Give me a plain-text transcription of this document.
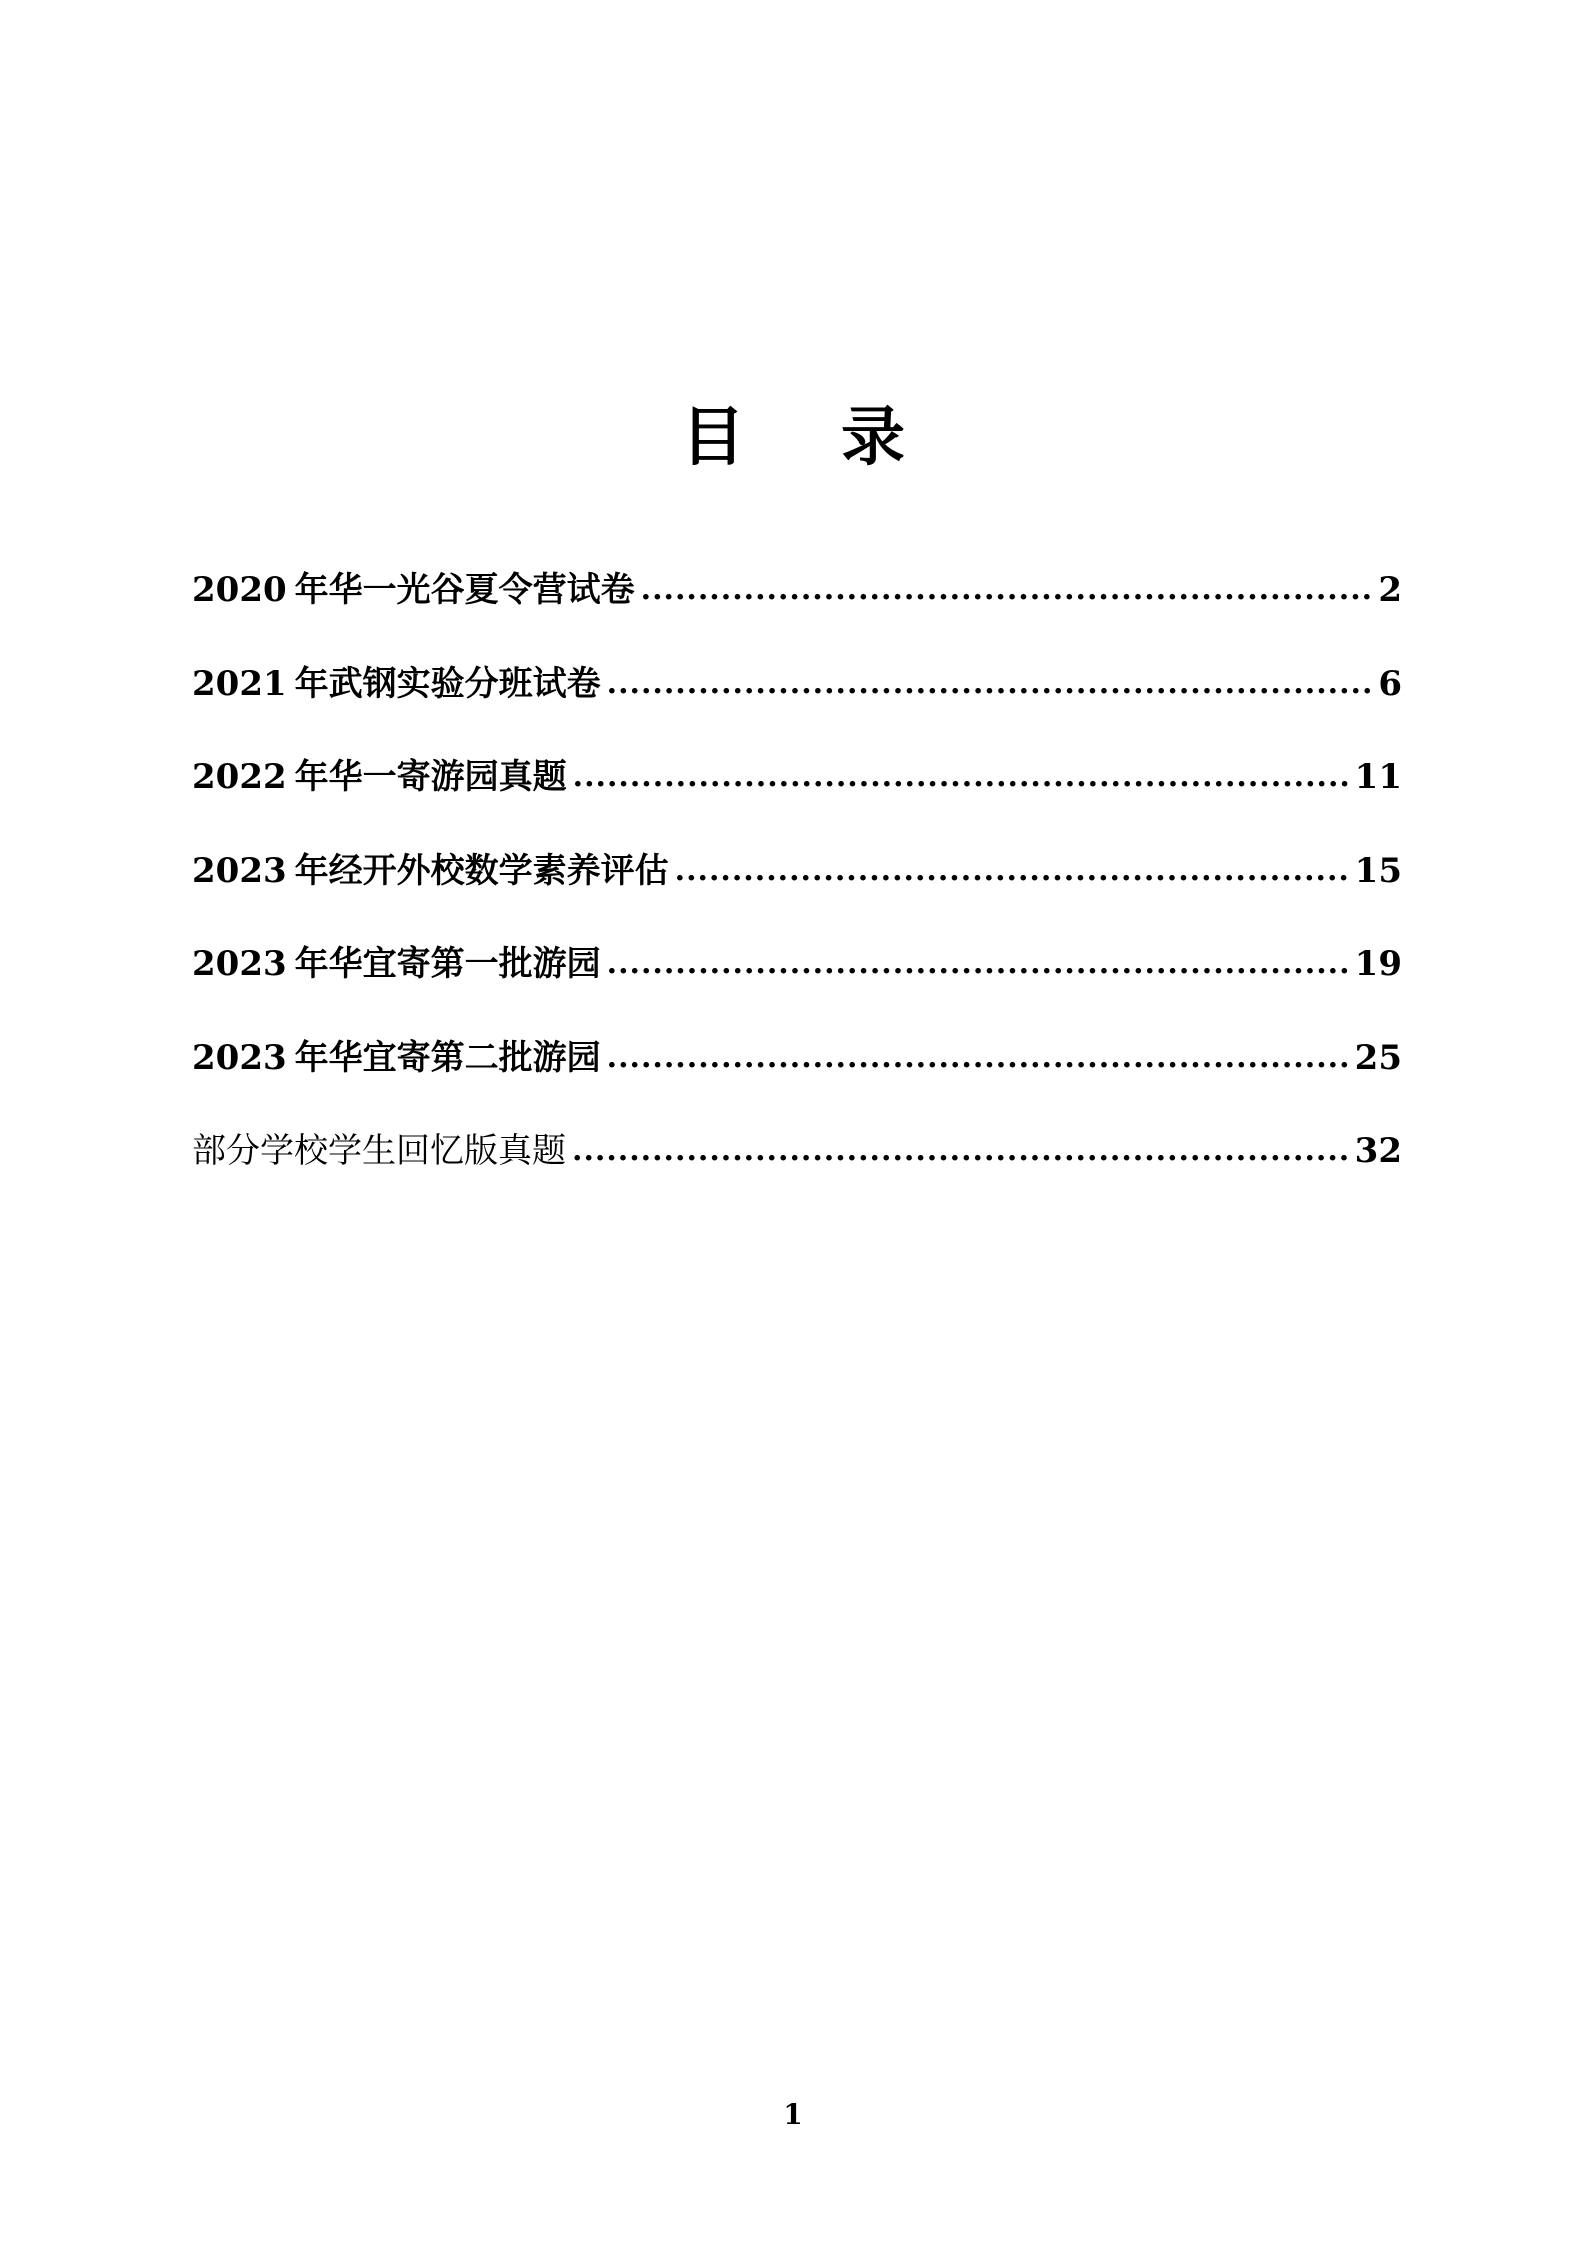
目录
2020 年华一光谷夏令营试卷 .....	2
2021 年武钢实验分班试卷 .....	6
2022 年华一寄游园真题 .....	11
2023 年经开外校数学素养评估 .....	15
2023 年华宜寄第一批游园 .....	19
2023 年华宜寄第二批游园 .....	25
部分学校学生回忆版真题 .....	32
1
